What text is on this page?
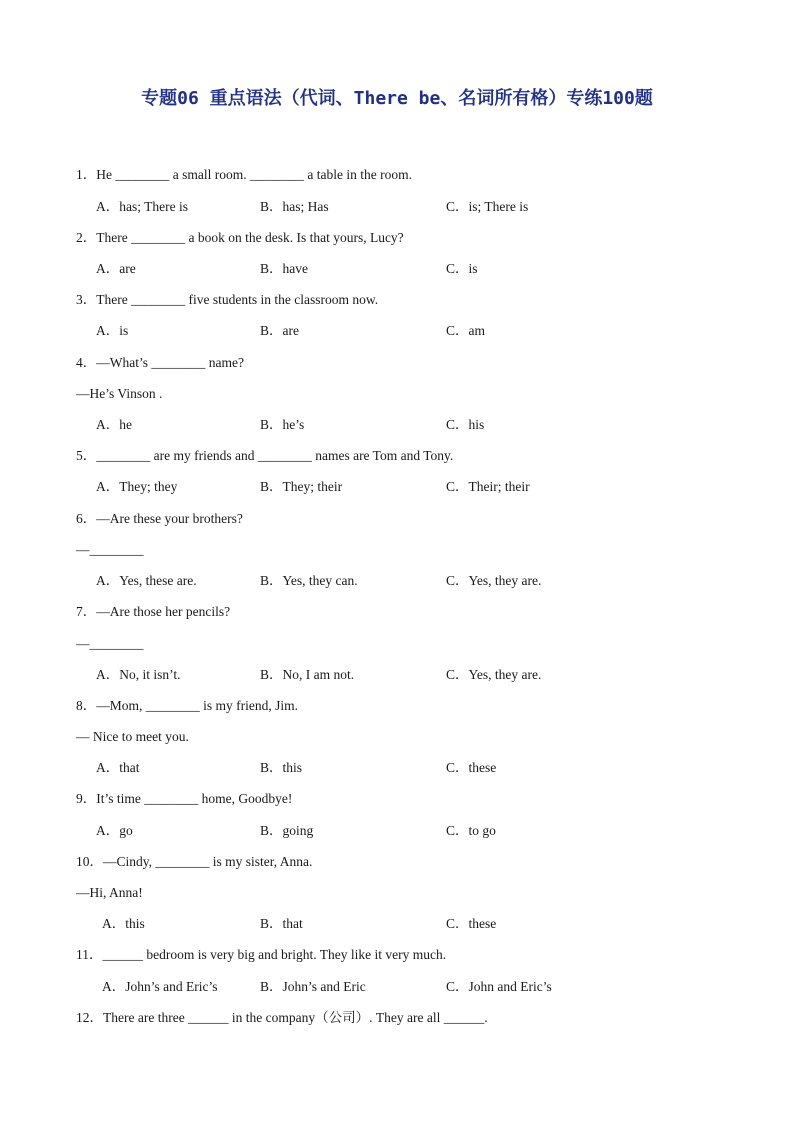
专题06 重点语法（代词、There be、名词所有格）专练100题
1．He ________ a small room. ________ a table in the room.
A．has; There is	B．has; Has	C．is; There is
2．There ________ a book on the desk. Is that yours, Lucy?
A．are	B．have	C．is
3．There ________ five students in the classroom now.
A．is	B．are	C．am
4．—What’s ________ name?
—He’s Vinson .
A．he	B．he’s	C．his
5．________ are my friends and ________ names are Tom and Tony.
A．They; they	B．They; their	C．Their; their
6．—Are these your brothers?
—________
A．Yes, these are.	B．Yes, they can.	C．Yes, they are.
7．—Are those her pencils?
—________
A．No, it isn’t.	B．No, I am not.	C．Yes, they are.
8．—Mom, ________ is my friend, Jim.
— Nice to meet you.
A．that	B．this	C．these
9．It’s time ________ home, Goodbye!
A．go	B．going	C．to go
10．—Cindy, ________ is my sister, Anna.
—Hi, Anna!
A．this	B．that	C．these
11．______ bedroom is very big and bright. They like it very much.
A．John’s and Eric’s	B．John’s and Eric	C．John and Eric’s
12．There are three ______ in the company（公司）. They are all ______.
